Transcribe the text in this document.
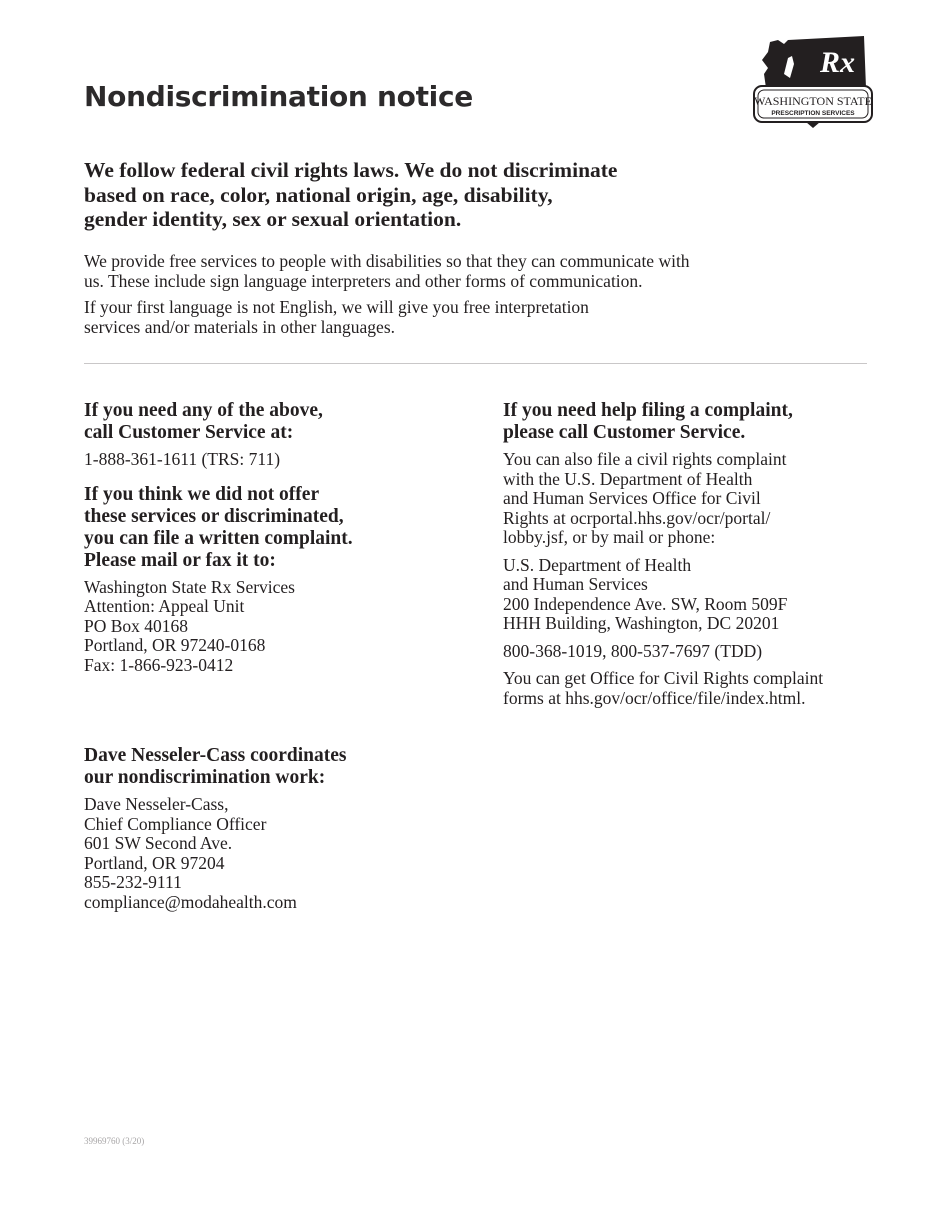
Nondiscrimination notice
Rx
WASHINGTON STATE
PRESCRIPTION SERVICES
We follow federal civil rights laws. We do not discriminate
based on race, color, national origin, age, disability,
gender identity, sex or sexual orientation.

We provide free services to people with disabilities so that they can communicate with
us. These include sign language interpreters and other forms of communication.

If your first language is not English, we will give you free interpretation
services and/or materials in other languages.

If you need any of the above,
call Customer Service at:
1-888-361-1611 (TRS: 711)
If you think we did not offer
these services or discriminated,
you can file a written complaint.
Please mail or fax it to:
Washington State Rx Services
Attention: Appeal Unit
PO Box 40168
Portland, OR 97240-0168
Fax: 1-866-923-0412
If you need help filing a complaint,
please call Customer Service.
You can also file a civil rights complaint
with the U.S. Department of Health
and Human Services Office for Civil
Rights at ocrportal.hhs.gov/ocr/portal/
lobby.jsf, or by mail or phone:
U.S. Department of Health
and Human Services
200 Independence Ave. SW, Room 509F
HHH Building, Washington, DC 20201
800-368-1019, 800-537-7697 (TDD)
You can get Office for Civil Rights complaint
forms at hhs.gov/ocr/office/file/index.html.
Dave Nesseler-Cass coordinates
our nondiscrimination work:
Dave Nesseler-Cass,
Chief Compliance Officer
601 SW Second Ave.
Portland, OR 97204
855-232-9111
compliance@modahealth.com
39969760 (3/20)
